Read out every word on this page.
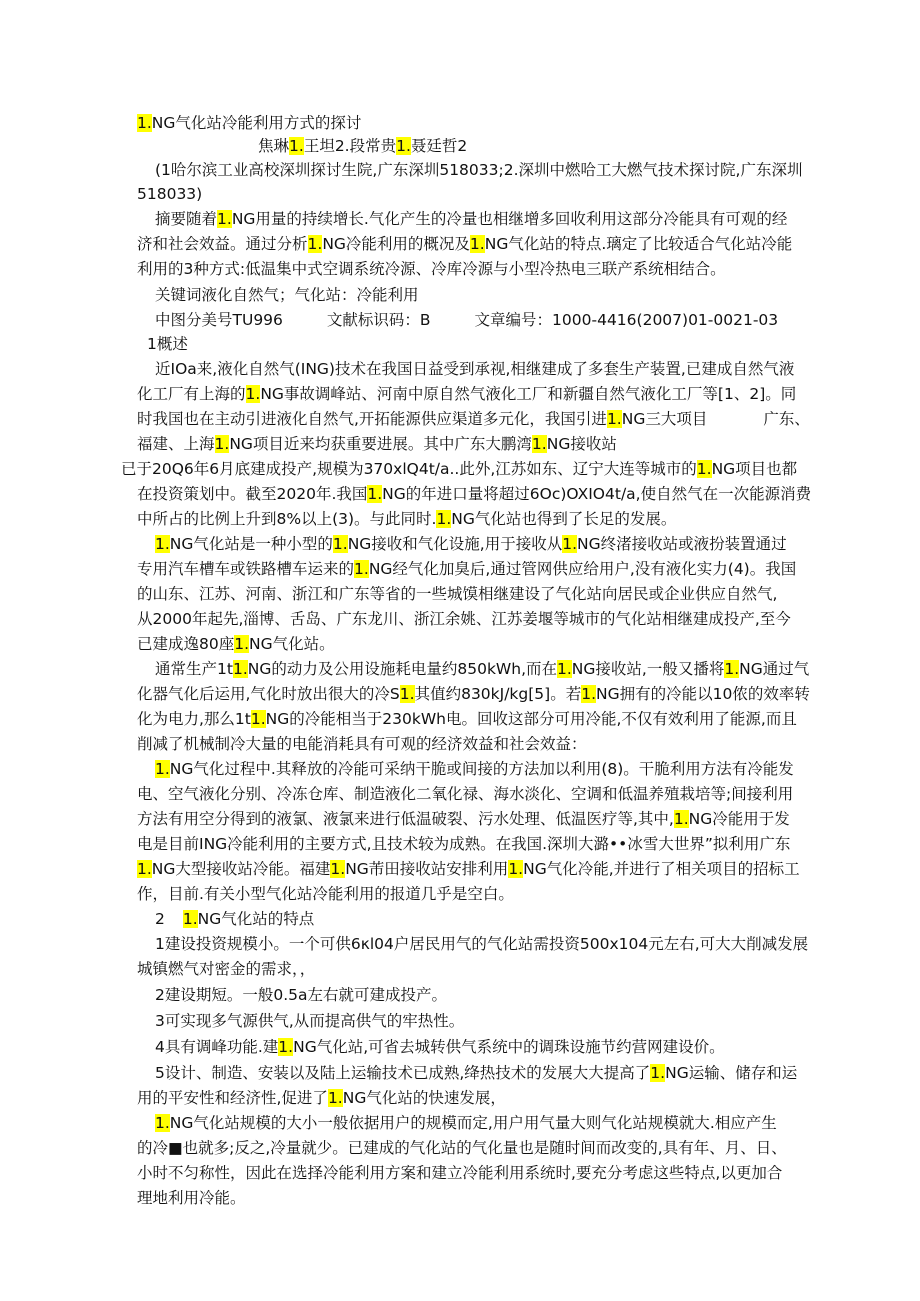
1.NG气化站冷能利用方式的探讨
焦琳1.王坦2.段常贵1.聂廷哲2
(1哈尔滨工业高校深圳探讨生院,广东深圳518033;2.深圳中燃哈工大燃气技术探讨院,广东深圳
518033)
摘要随着1.NG用量的持续增长.气化产生的冷量也相继增多回收利用这部分冷能具有可观的经
济和社会效益。通过分析1.NG冷能利用的概况及1.NG气化站的特点.璃定了比较适合气化站冷能
利用的3种方式:低温集中式空调系统冷源、冷库冷源与小型冷热电三联产系统相结合。
关键词液化自然气；气化站：冷能利用
中图分美号TU996	文献标识码：B	文章编号：1000-4416(2007)01-0021-03
1概述
近IOa来,液化自然气(ING)技术在我国日益受到承视,相继建成了多套生产装置,已建成自然气液
化工厂有上海的1.NG事故调峰站、河南中原自然气液化工厂和新疆自然气液化工厂等[1、2]。同
时我国也在主动引进液化自然气,开拓能源供应渠道多元化，我国引进1.NG三大项目	广东、
福建、上海1.NG项目近来均获重要进展。其中广东大鹏湾1.NG接收站
已于20Q6年6月底建成投产,规模为370xlQ4t∕a..此外,江苏如东、辽宁大连等城市的1.NG项目也都
在投资策划中。截至2020年.我国1.NG的年进口量将超过6Oc)OXIO4t∕a,使自然气在一次能源消费
中所占的比例上升到8%以上(3)。与此同时.1.NG气化站也得到了长足的发展。
1.NG气化站是一种小型的1.NG接收和气化设施,用于接收从1.NG终渚接收站或液扮装置通过
专用汽车槽车或铁路槽车运来的1.NG经气化加臭后,通过管网供应给用户,没有液化实力(4)。我国
的山东、江苏、河南、浙江和广东等省的一些城馍相继建设了气化站向居民或企业供应自然气,
从2000年起先,淄博、舌岛、广东龙川、浙江余姚、江苏姜堰等城市的气化站相继建成投产,至今
已建成逸80座1.NG气化站。
通常生产1t1.NG的动力及公用设施耗电量约850kWh,而在1.NG接收站,一般又播将1.NG通过气
化器气化后运用,气化时放出很大的冷S1.其值约830kJ∕kg[5]。若1.NG拥有的冷能以10侬的效率转
化为电力,那么1t1.NG的冷能相当于230kWh电。回收这部分可用冷能,不仅有效利用了能源,而且
削减了机械制冷大量的电能消耗具有可观的经济效益和社会效益：
1.NG气化过程中.其释放的冷能可采纳干脆或间接的方法加以利用(8)。干脆利用方法有冷能发
电、空气液化分别、冷冻仓库、制造液化二氧化禄、海水淡化、空调和低温养殖栽培等;间接利用
方法有用空分得到的液氯、液氯来进行低温破裂、污水处理、低温医疗等,其中,1.NG冷能用于发
电是目前ING冷能利用的主要方式,且技术较为成熟。在我国.深圳大潞••冰雪大世界”拟利用广东
1.NG大型接收站冷能。福建1.NG芾田接收站安排利用1.NG气化冷能,并进行了相关项目的招标工
作，目前.有关小型气化站冷能利用的报道几乎是空白。
2 1.NG气化站的特点
1建设投资规模小。一个可供6κl04户居民用气的气化站需投资500x104元左右,可大大削减发展
城镇燃气对密金的需求，，
2建设期短。一般0.5a左右就可建成投产。
3可实现多气源供气,从而提高供气的牢热性。
4具有调峰功能.建1.NG气化站,可省去城转供气系统中的调珠设施节约营网建设价。
5设计、制造、安装以及陆上运输技术已成熟,绛热技术的发展大大提高了1.NG运输、储存和运
用的平安性和经济性,促进了1.NG气化站的快速发展，
1.NG气化站规模的大小一般依据用户的规模而定,用户用气量大则气化站规模就大.相应产生
的冷■也就多;反之,冷量就少。已建成的气化站的气化量也是随时间而改变的,具有年、月、日、
小时不匀称性，因此在选择冷能利用方案和建立冷能利用系统时,要充分考虑这些特点,以更加合
理地利用冷能。
